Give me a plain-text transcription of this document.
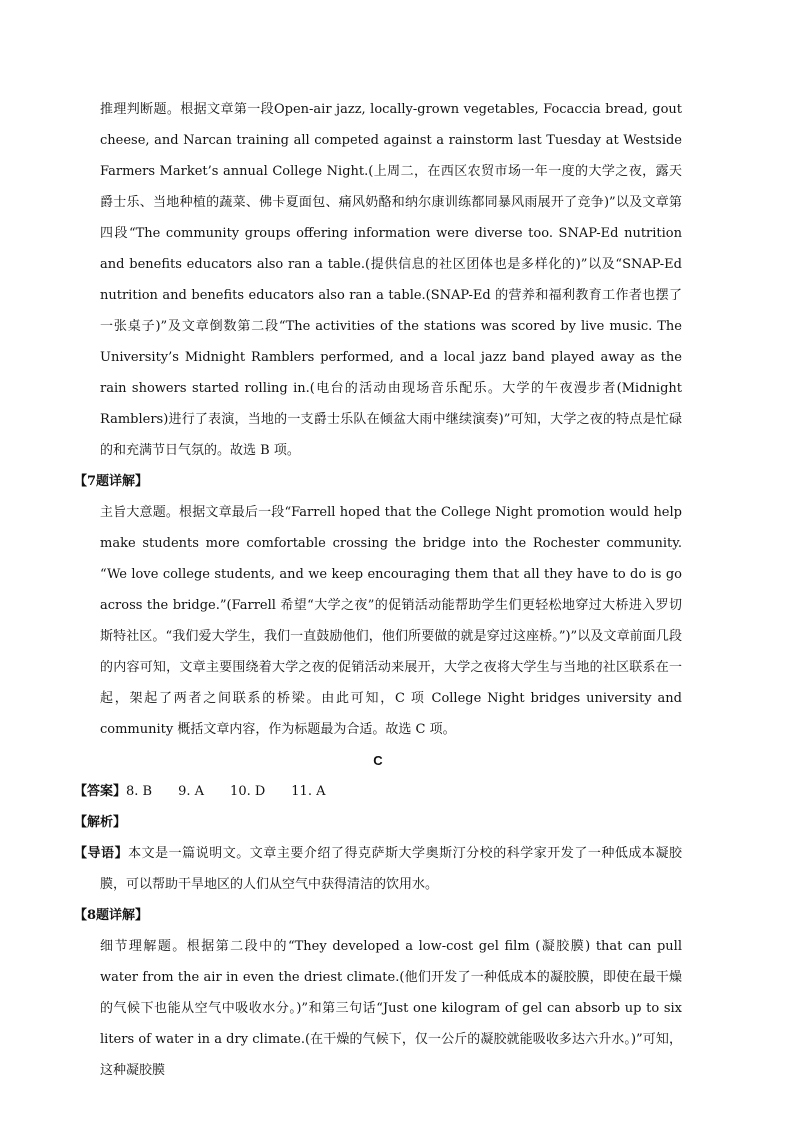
推理判断题。根据文章第一段Open-air jazz, locally-grown vegetables, Focaccia bread, gout cheese, and Narcan training all competed against a rainstorm last Tuesday at Westside Farmers Market’s annual College Night.(上周二，在西区农贸市场一年一度的大学之夜，露天爵士乐、当地种植的蔬菜、佛卡夏面包、痛风奶酪和纳尔康训练都同暴风雨展开了竞争)”以及文章第四段“The community groups offering information were diverse too. SNAP-Ed nutrition and benefits educators also ran a table.(提供信息的社区团体也是多样化的)”以及“SNAP-Ed nutrition and benefits educators also ran a table.(SNAP-Ed 的营养和福利教育工作者也摆了一张桌子)”及文章倒数第二段“The activities of the stations was scored by live music. The University’s Midnight Ramblers performed, and a local jazz band played away as the rain showers started rolling in.(电台的活动由现场音乐配乐。大学的午夜漫步者(Midnight Ramblers)进行了表演，当地的一支爵士乐队在倾盆大雨中继续演奏)”可知，大学之夜的特点是忙碌的和充满节日气氛的。故选 B 项。

【7题详解】

主旨大意题。根据文章最后一段“Farrell hoped that the College Night promotion would help make students more comfortable crossing the bridge into the Rochester community. “We love college students, and we keep encouraging them that all they have to do is go across the bridge.”(Farrell 希望“大学之夜”的促销活动能帮助学生们更轻松地穿过大桥进入罗切斯特社区。“我们爱大学生，我们一直鼓励他们，他们所要做的就是穿过这座桥。”)”以及文章前面几段的内容可知，文章主要围绕着大学之夜的促销活动来展开，大学之夜将大学生与当地的社区联系在一起，架起了两者之间联系的桥梁。由此可知，C 项 College Night bridges university and community 概括文章内容，作为标题最为合适。故选 C 项。

C

【答案】8. B 9. A 10. D 11. A

【解析】

【导语】本文是一篇说明文。文章主要介绍了得克萨斯大学奥斯汀分校的科学家开发了一种低成本凝胶膜，可以帮助干旱地区的人们从空气中获得清洁的饮用水。

【8题详解】

细节理解题。根据第二段中的“They developed a low-cost gel film (凝胶膜) that can pull water from the air in even the driest climate.(他们开发了一种低成本的凝胶膜，即使在最干燥的气候下也能从空气中吸收水分。)”和第三句话“Just one kilogram of gel can absorb up to six liters of water in a dry climate.(在干燥的气候下，仅一公斤的凝胶就能吸收多达六升水。)”可知，这种凝胶膜
